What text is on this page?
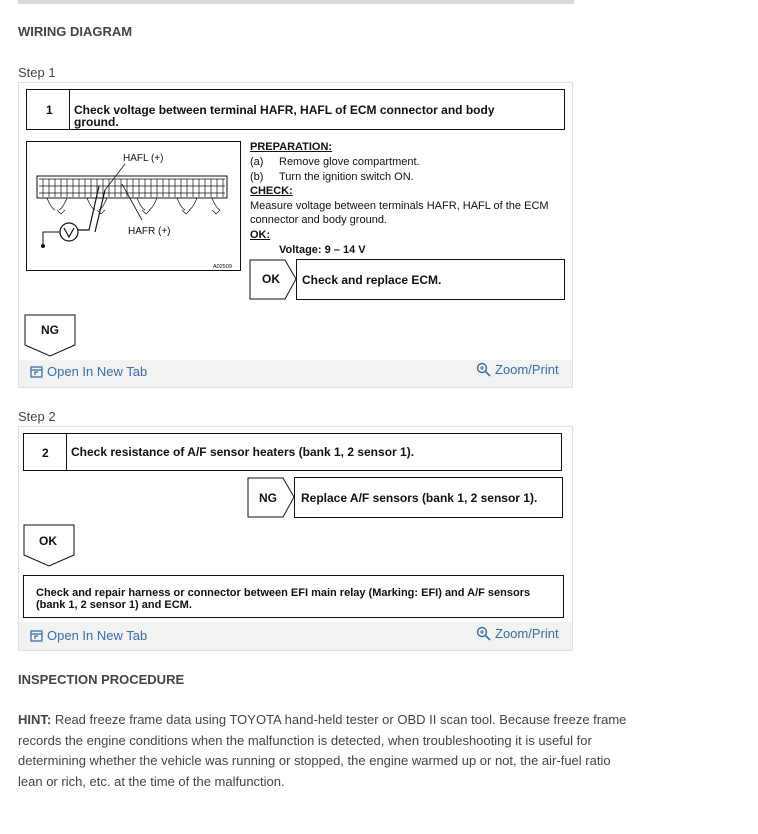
WIRING DIAGRAM
Step 1
1 Check voltage between terminal HAFR, HAFL of ECM connector and body
ground.
HAFL (+)
HAFR (+)
A02509
PREPARATION:
(a) Remove glove compartment.
(b) Turn the ignition switch ON.
CHECK:
Measure voltage between terminals HAFR, HAFL of the ECM
connector and body ground.
OK:
Voltage: 9 – 14 V
OK Check and replace ECM.
NG
Open In New Tab	Zoom/Print
Step 2
2 Check resistance of A/F sensor heaters (bank 1, 2 sensor 1).
NG Replace A/F sensors (bank 1, 2 sensor 1).
OK
Check and repair harness or connector between EFI main relay (Marking: EFI) and A/F sensors
(bank 1, 2 sensor 1) and ECM.
Open In New Tab	Zoom/Print
INSPECTION PROCEDURE
HINT: Read freeze frame data using TOYOTA hand-held tester or OBD II scan tool. Because freeze frame records the engine conditions when the malfunction is detected, when troubleshooting it is useful for determining whether the vehicle was running or stopped, the engine warmed up or not, the air-fuel ratio lean or rich, etc. at the time of the malfunction.
